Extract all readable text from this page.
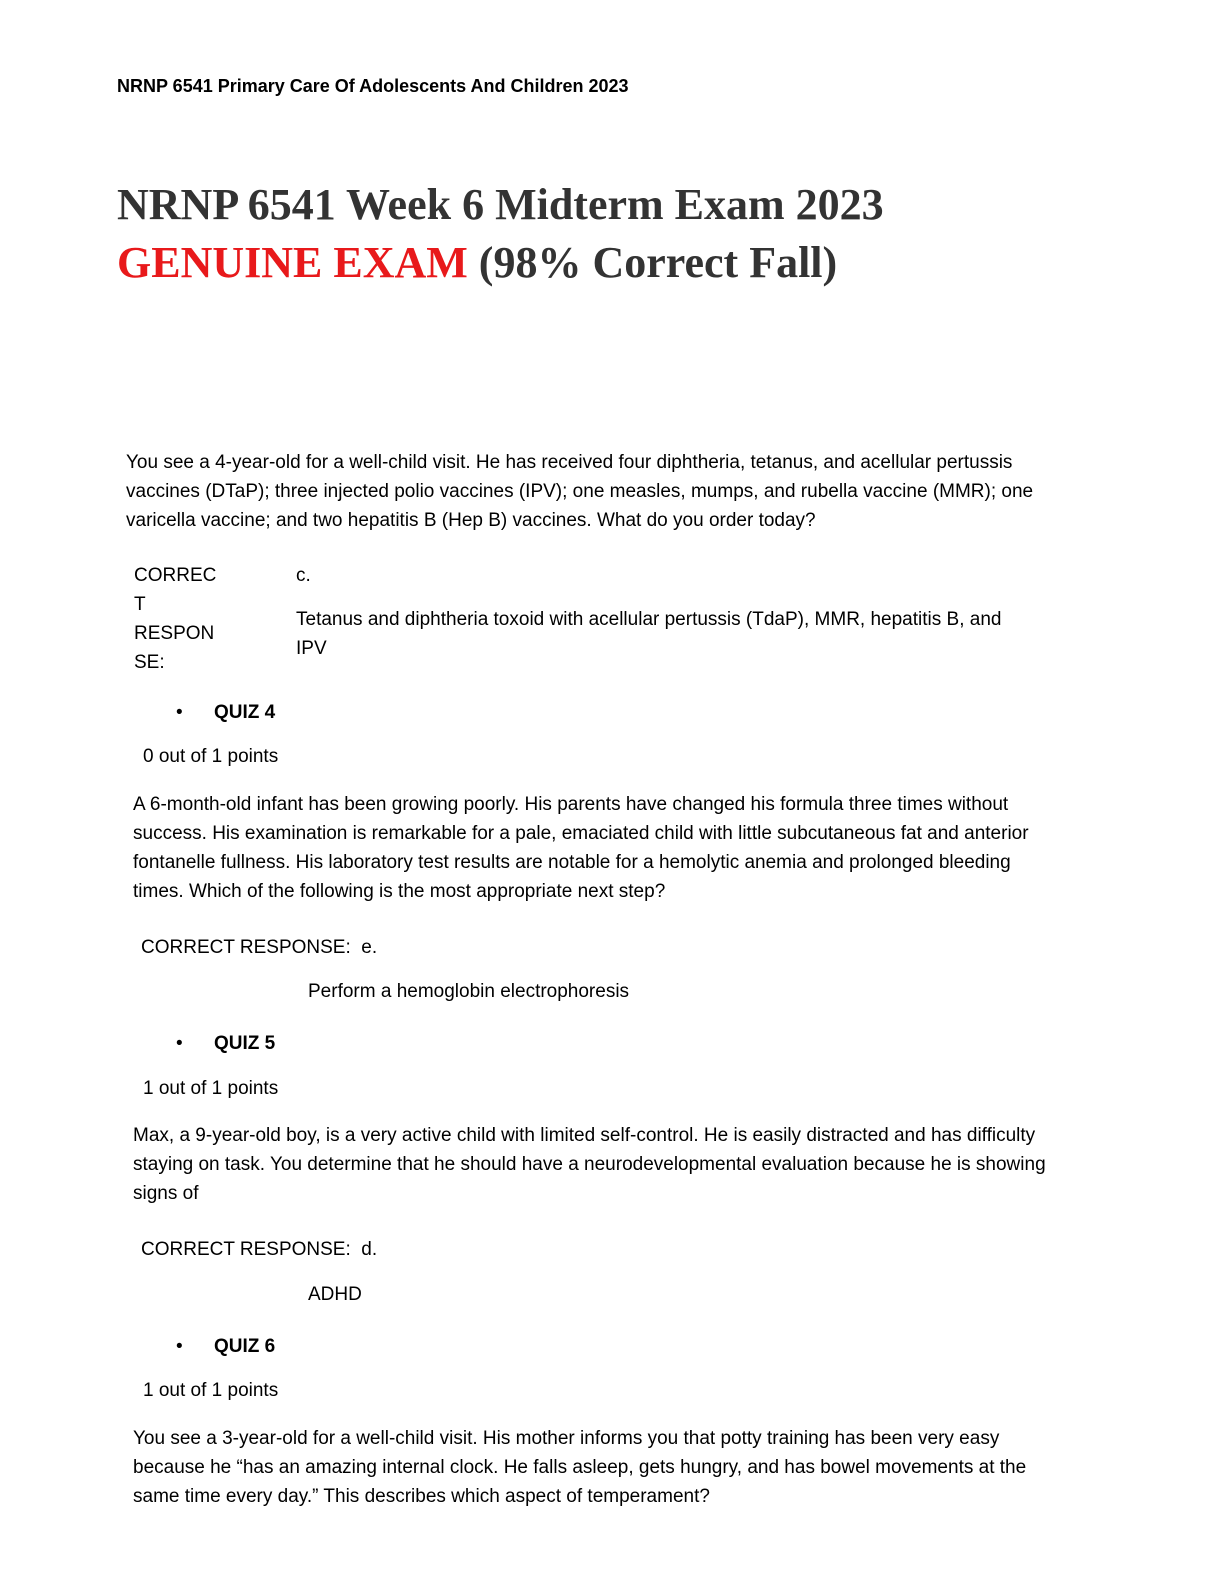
NRNP 6541 Primary Care Of Adolescents And Children 2023
NRNP 6541 Week 6 Midterm Exam 2023
GENUINE EXAM (98% Correct Fall)
You see a 4-year-old for a well-child visit. He has received four diphtheria, tetanus, and acellular pertussis vaccines (DTaP); three injected polio vaccines (IPV); one measles, mumps, and rubella vaccine (MMR); one varicella vaccine; and two hepatitis B (Hep B) vaccines. What do you order today?
CORREC T RESPON SE:
c.
Tetanus and diphtheria toxoid with acellular pertussis (TdaP), MMR, hepatitis B, and IPV
• QUIZ 4
0 out of 1 points
A 6-month-old infant has been growing poorly. His parents have changed his formula three times without success. His examination is remarkable for a pale, emaciated child with little subcutaneous fat and anterior fontanelle fullness. His laboratory test results are notable for a hemolytic anemia and prolonged bleeding times. Which of the following is the most appropriate next step?
CORRECT RESPONSE:  e.
Perform a hemoglobin electrophoresis
• QUIZ 5
1 out of 1 points
Max, a 9-year-old boy, is a very active child with limited self-control. He is easily distracted and has difficulty staying on task. You determine that he should have a neurodevelopmental evaluation because he is showing signs of
CORRECT RESPONSE:  d.
ADHD
• QUIZ 6
1 out of 1 points
You see a 3-year-old for a well-child visit. His mother informs you that potty training has been very easy because he “has an amazing internal clock. He falls asleep, gets hungry, and has bowel movements at the same time every day.” This describes which aspect of temperament?
